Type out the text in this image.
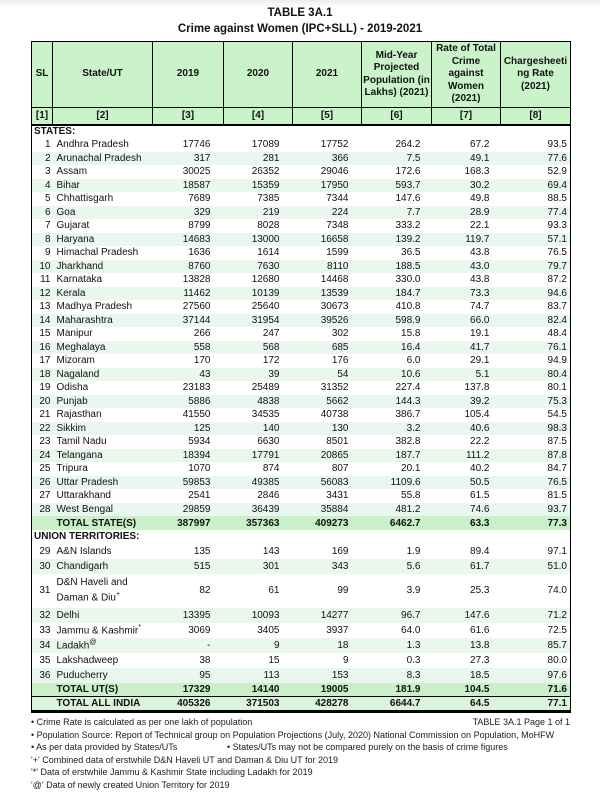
TABLE 3A.1
Crime against Women (IPC+SLL) - 2019-2021
SL	State/UT	2019	2020	2021	Mid-Year Projected Population (in Lakhs) (2021)	Rate of Total Crime against Women (2021)	Chargesheeting Rate (2021)
[1]	[2]	[3]	[4]	[5]	[6]	[7]	[8]
STATES:							
1	Andhra Pradesh	17746	17089	17752	264.2	67.2	93.5
2	Arunachal Pradesh	317	281	366	7.5	49.1	77.6
3	Assam	30025	26352	29046	172.6	168.3	52.9
4	Bihar	18587	15359	17950	593.7	30.2	69.4
5	Chhattisgarh	7689	7385	7344	147.6	49.8	88.5
6	Goa	329	219	224	7.7	28.9	77.4
7	Gujarat	8799	8028	7348	333.2	22.1	93.3
8	Haryana	14683	13000	16658	139.2	119.7	57.1
9	Himachal Pradesh	1636	1614	1599	36.5	43.8	76.5
10	Jharkhand	8760	7630	8110	188.5	43.0	79.7
11	Karnataka	13828	12680	14468	330.0	43.8	87.2
12	Kerala	11462	10139	13539	184.7	73.3	94.6
13	Madhya Pradesh	27560	25640	30673	410.8	74.7	83.7
14	Maharashtra	37144	31954	39526	598.9	66.0	82.4
15	Manipur	266	247	302	15.8	19.1	48.4
16	Meghalaya	558	568	685	16.4	41.7	76.1
17	Mizoram	170	172	176	6.0	29.1	94.9
18	Nagaland	43	39	54	10.6	5.1	80.4
19	Odisha	23183	25489	31352	227.4	137.8	80.1
20	Punjab	5886	4838	5662	144.3	39.2	75.3
21	Rajasthan	41550	34535	40738	386.7	105.4	54.5
22	Sikkim	125	140	130	3.2	40.6	98.3
23	Tamil Nadu	5934	6630	8501	382.8	22.2	87.5
24	Telangana	18394	17791	20865	187.7	111.2	87.8
25	Tripura	1070	874	807	20.1	40.2	84.7
26	Uttar Pradesh	59853	49385	56083	1109.6	50.5	76.5
27	Uttarakhand	2541	2846	3431	55.8	61.5	81.5
28	West Bengal	29859	36439	35884	481.2	74.6	93.7
	TOTAL STATE(S)	387997	357363	409273	6462.7	63.3	77.3
UNION TERRITORIES:							
29	A&N Islands	135	143	169	1.9	89.4	97.1
30	Chandigarh	515	301	343	5.6	61.7	51.0
31	D&N Haveli and Daman & Diu+	82	61	99	3.9	25.3	74.0
32	Delhi	13395	10093	14277	96.7	147.6	71.2
33	Jammu & Kashmir*	3069	3405	3937	64.0	61.6	72.5
34	Ladakh@	-	9	18	1.3	13.8	85.7
35	Lakshadweep	38	15	9	0.3	27.3	80.0
36	Puducherry	95	113	153	8.3	18.5	97.6
	TOTAL UT(S)	17329	14140	19005	181.9	104.5	71.6
	TOTAL ALL INDIA	405326	371503	428278	6644.7	64.5	77.1
• Crime Rate is calculated as per one lakh of population	TABLE 3A.1 Page 1 of 1
• Population Source: Report of Technical group on Population Projections (July, 2020) National Commission on Population, MoHFW
• As per data provided by States/UTs	• States/UTs may not be compared purely on the basis of crime figures
'+' Combined data of erstwhile D&N Haveli UT and Daman & Diu UT for 2019
'*' Data of erstwhile Jammu & Kashmir State including Ladakh for 2019
'@' Data of newly created Union Territory for 2019
